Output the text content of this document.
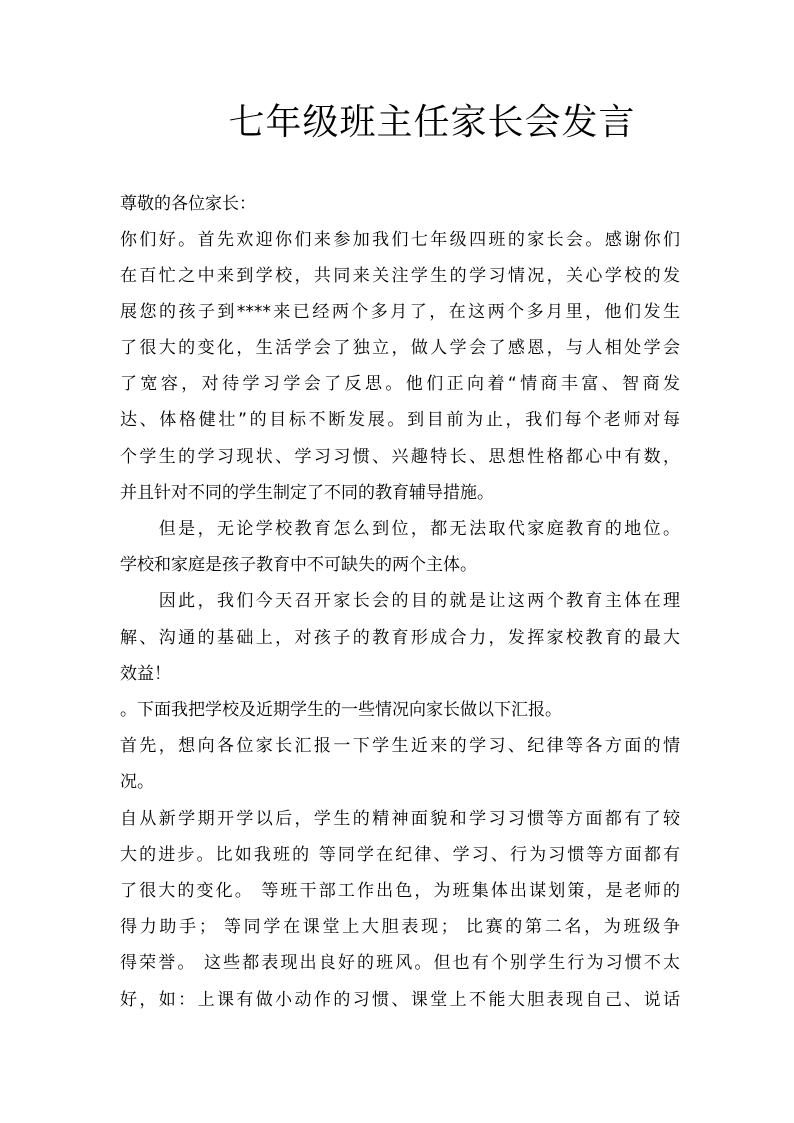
七年级班主任家长会发言
尊敬的各位家长：
你们好。首先欢迎你们来参加我们七年级四班的家长会。感谢你们
在百忙之中来到学校，共同来关注学生的学习情况，关心学校的发
展您的孩子到****来已经两个多月了，在这两个多月里，他们发生
了很大的变化，生活学会了独立，做人学会了感恩，与人相处学会
了宽容，对待学习学会了反思。他们正向着“情商丰富、智商发
达、体格健壮”的目标不断发展。到目前为止，我们每个老师对每
个学生的学习现状、学习习惯、兴趣特长、思想性格都心中有数，
并且针对不同的学生制定了不同的教育辅导措施。
　　但是，无论学校教育怎么到位，都无法取代家庭教育的地位。
学校和家庭是孩子教育中不可缺失的两个主体。
　　因此，我们今天召开家长会的目的就是让这两个教育主体在理
解、沟通的基础上，对孩子的教育形成合力，发挥家校教育的最大
效益！
。下面我把学校及近期学生的一些情况向家长做以下汇报。
首先，想向各位家长汇报一下学生近来的学习、纪律等各方面的情
况。
自从新学期开学以后，学生的精神面貌和学习习惯等方面都有了较
大的进步。比如我班的 等同学在纪律、学习、行为习惯等方面都有
了很大的变化。 等班干部工作出色，为班集体出谋划策，是老师的
得力助手； 等同学在课堂上大胆表现； 比赛的第二名，为班级争
得荣誉。 这些都表现出良好的班风。但也有个别学生行为习惯不太
好，如：上课有做小动作的习惯、课堂上不能大胆表现自己、说话
